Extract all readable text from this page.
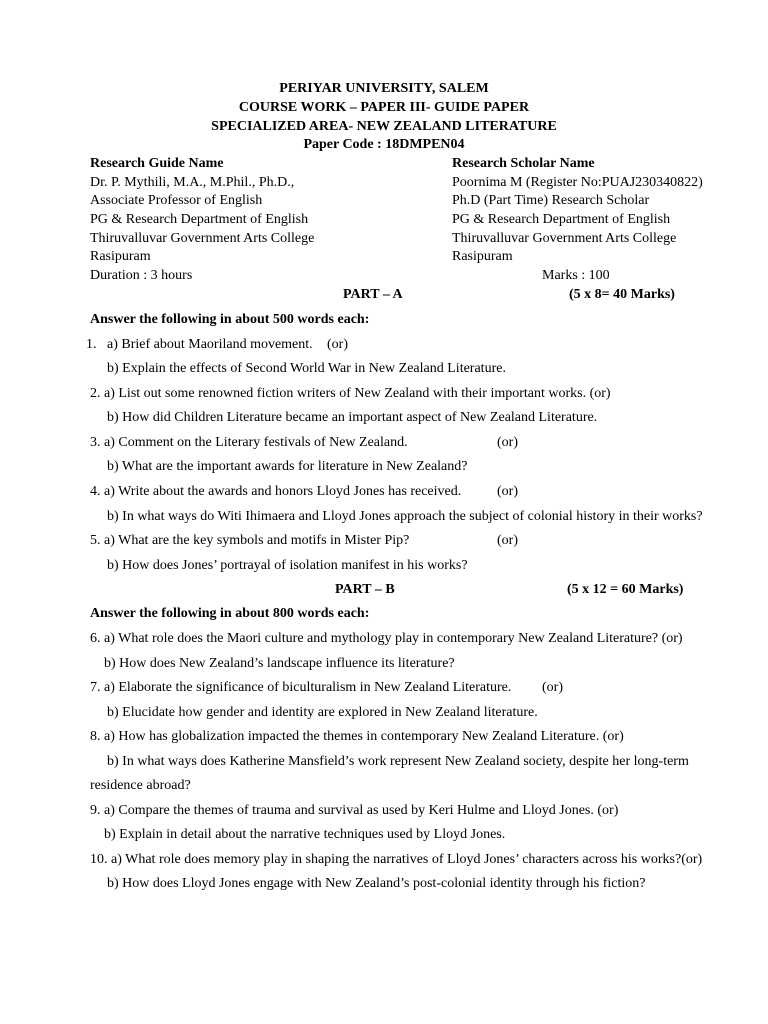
PERIYAR UNIVERSITY, SALEM
COURSE WORK – PAPER III- GUIDE PAPER
SPECIALIZED AREA- NEW ZEALAND LITERATURE
Paper Code : 18DMPEN04
Research Guide Name
Dr. P. Mythili, M.A., M.Phil., Ph.D.,
Associate Professor of English
PG & Research Department of English
Thiruvalluvar Government Arts College
Rasipuram
Duration : 3 hours
Research Scholar Name
Poornima M (Register No:PUAJ230340822)
Ph.D (Part Time) Research Scholar
PG & Research Department of English
Thiruvalluvar Government Arts College
Rasipuram
Marks : 100
PART – A	(5 x 8= 40 Marks)
Answer the following in about 500 words each:
1. a) Brief about Maoriland movement. (or)
b) Explain the effects of Second World War in New Zealand Literature.
2. a) List out some renowned fiction writers of New Zealand with their important works. (or)
b) How did Children Literature became an important aspect of New Zealand Literature.
3. a) Comment on the Literary festivals of New Zealand.	(or)
b) What are the important awards for literature in New Zealand?
4. a) Write about the awards and honors Lloyd Jones has received.	(or)
b) In what ways do Witi Ihimaera and Lloyd Jones approach the subject of colonial history in their works?
5. a) What are the key symbols and motifs in Mister Pip?	(or)
b) How does Jones’ portrayal of isolation manifest in his works?
PART – B	(5 x 12 = 60 Marks)
Answer the following in about 800 words each:
6. a) What role does the Maori culture and mythology play in contemporary New Zealand Literature? (or)
b) How does New Zealand’s landscape influence its literature?
7. a) Elaborate the significance of biculturalism in New Zealand Literature. (or)
b) Elucidate how gender and identity are explored in New Zealand literature.
8. a) How has globalization impacted the themes in contemporary New Zealand Literature. (or)
b) In what ways does Katherine Mansfield’s work represent New Zealand society, despite her long-term
residence abroad?
9. a) Compare the themes of trauma and survival as used by Keri Hulme and Lloyd Jones. (or)
b) Explain in detail about the narrative techniques used by Lloyd Jones.
10. a) What role does memory play in shaping the narratives of Lloyd Jones’ characters across his works?(or)
b) How does Lloyd Jones engage with New Zealand’s post-colonial identity through his fiction?
